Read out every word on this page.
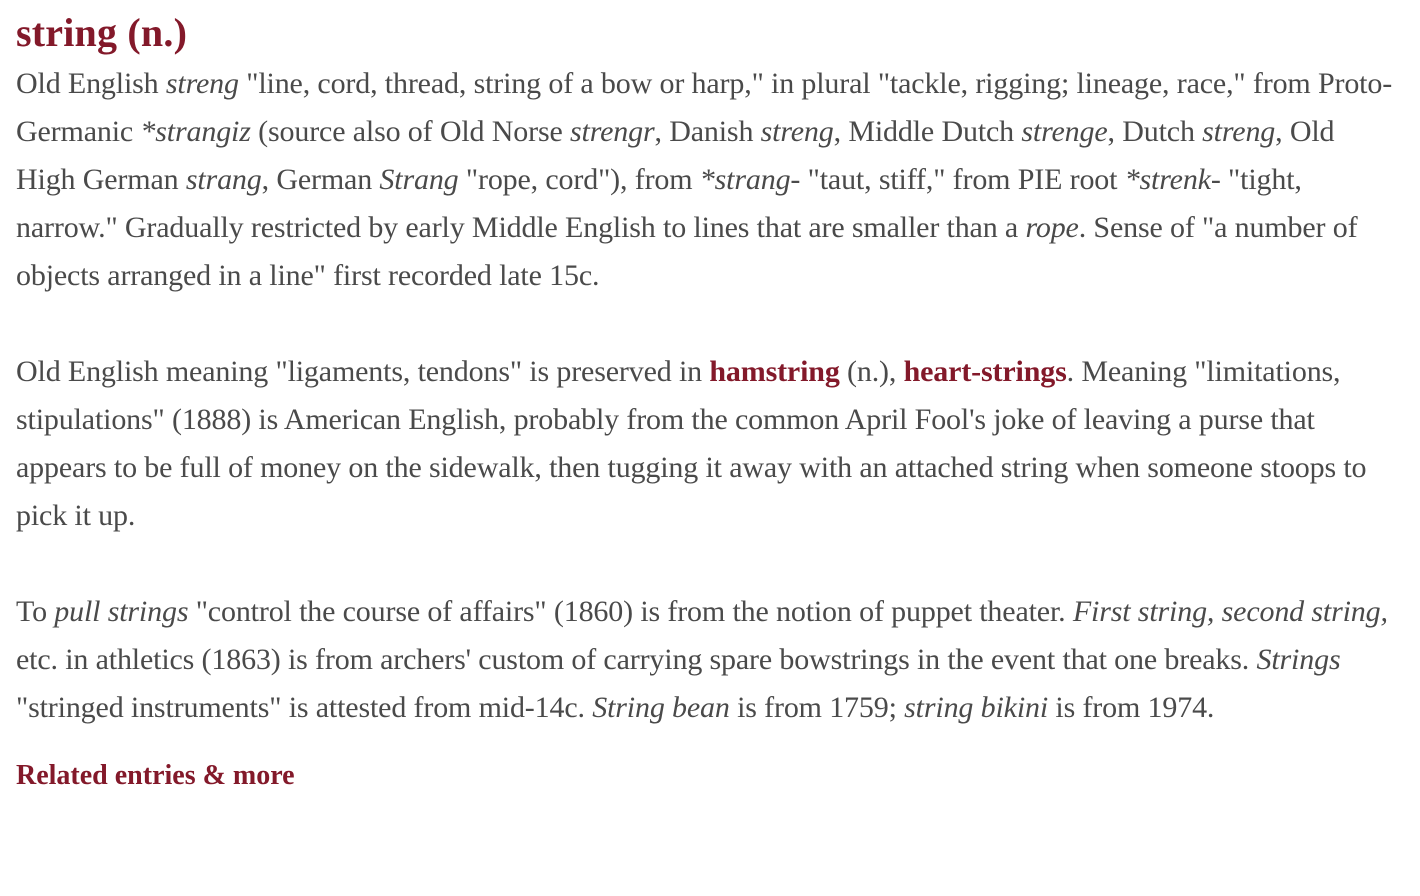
string (n.)

Old English streng "line, cord, thread, string of a bow or harp," in plural "tackle, rigging; lineage, race," from Proto-Germanic *strangiz (source also of Old Norse strengr, Danish streng, Middle Dutch strenge, Dutch streng, Old High German strang, German Strang "rope, cord"), from *strang- "taut, stiff," from PIE root *strenk- "tight, narrow." Gradually restricted by early Middle English to lines that are smaller than a rope. Sense of "a number of objects arranged in a line" first recorded late 15c.

Old English meaning "ligaments, tendons" is preserved in hamstring (n.), heart-strings. Meaning "limitations, stipulations" (1888) is American English, probably from the common April Fool's joke of leaving a purse that appears to be full of money on the sidewalk, then tugging it away with an attached string when someone stoops to pick it up.

To pull strings "control the course of affairs" (1860) is from the notion of puppet theater. First string, second string, etc. in athletics (1863) is from archers' custom of carrying spare bowstrings in the event that one breaks. Strings "stringed instruments" is attested from mid-14c. String bean is from 1759; string bikini is from 1974.

Related entries & more
